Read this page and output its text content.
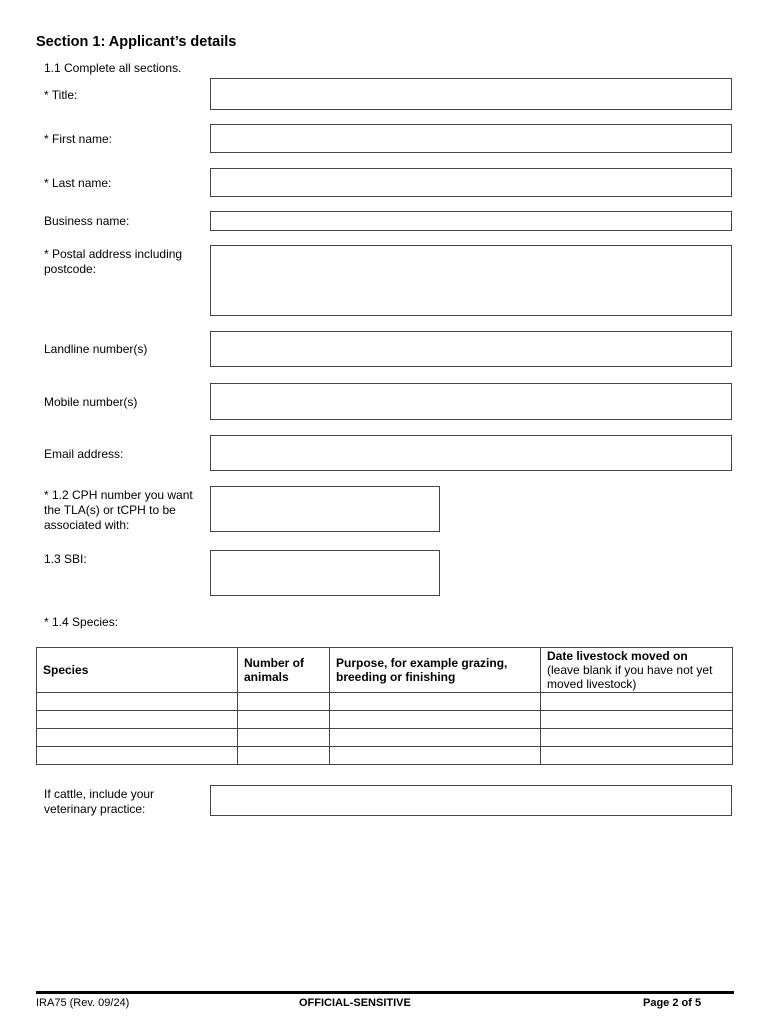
Section 1: Applicant’s details
1.1 Complete all sections.
* Title:
* First name:
* Last name:
Business name:
* Postal address including postcode:
Landline number(s)
Mobile number(s)
Email address:
* 1.2 CPH number you want the TLA(s) or tCPH to be associated with:
1.3 SBI:
* 1.4 Species:
Species	Number of animals	Purpose, for example grazing, breeding or finishing	Date livestock moved on
(leave blank if you have not yet moved livestock)

If cattle, include your veterinary practice:
IRA75 (Rev. 09/24)	OFFICIAL-SENSITIVE	Page 2 of 5
